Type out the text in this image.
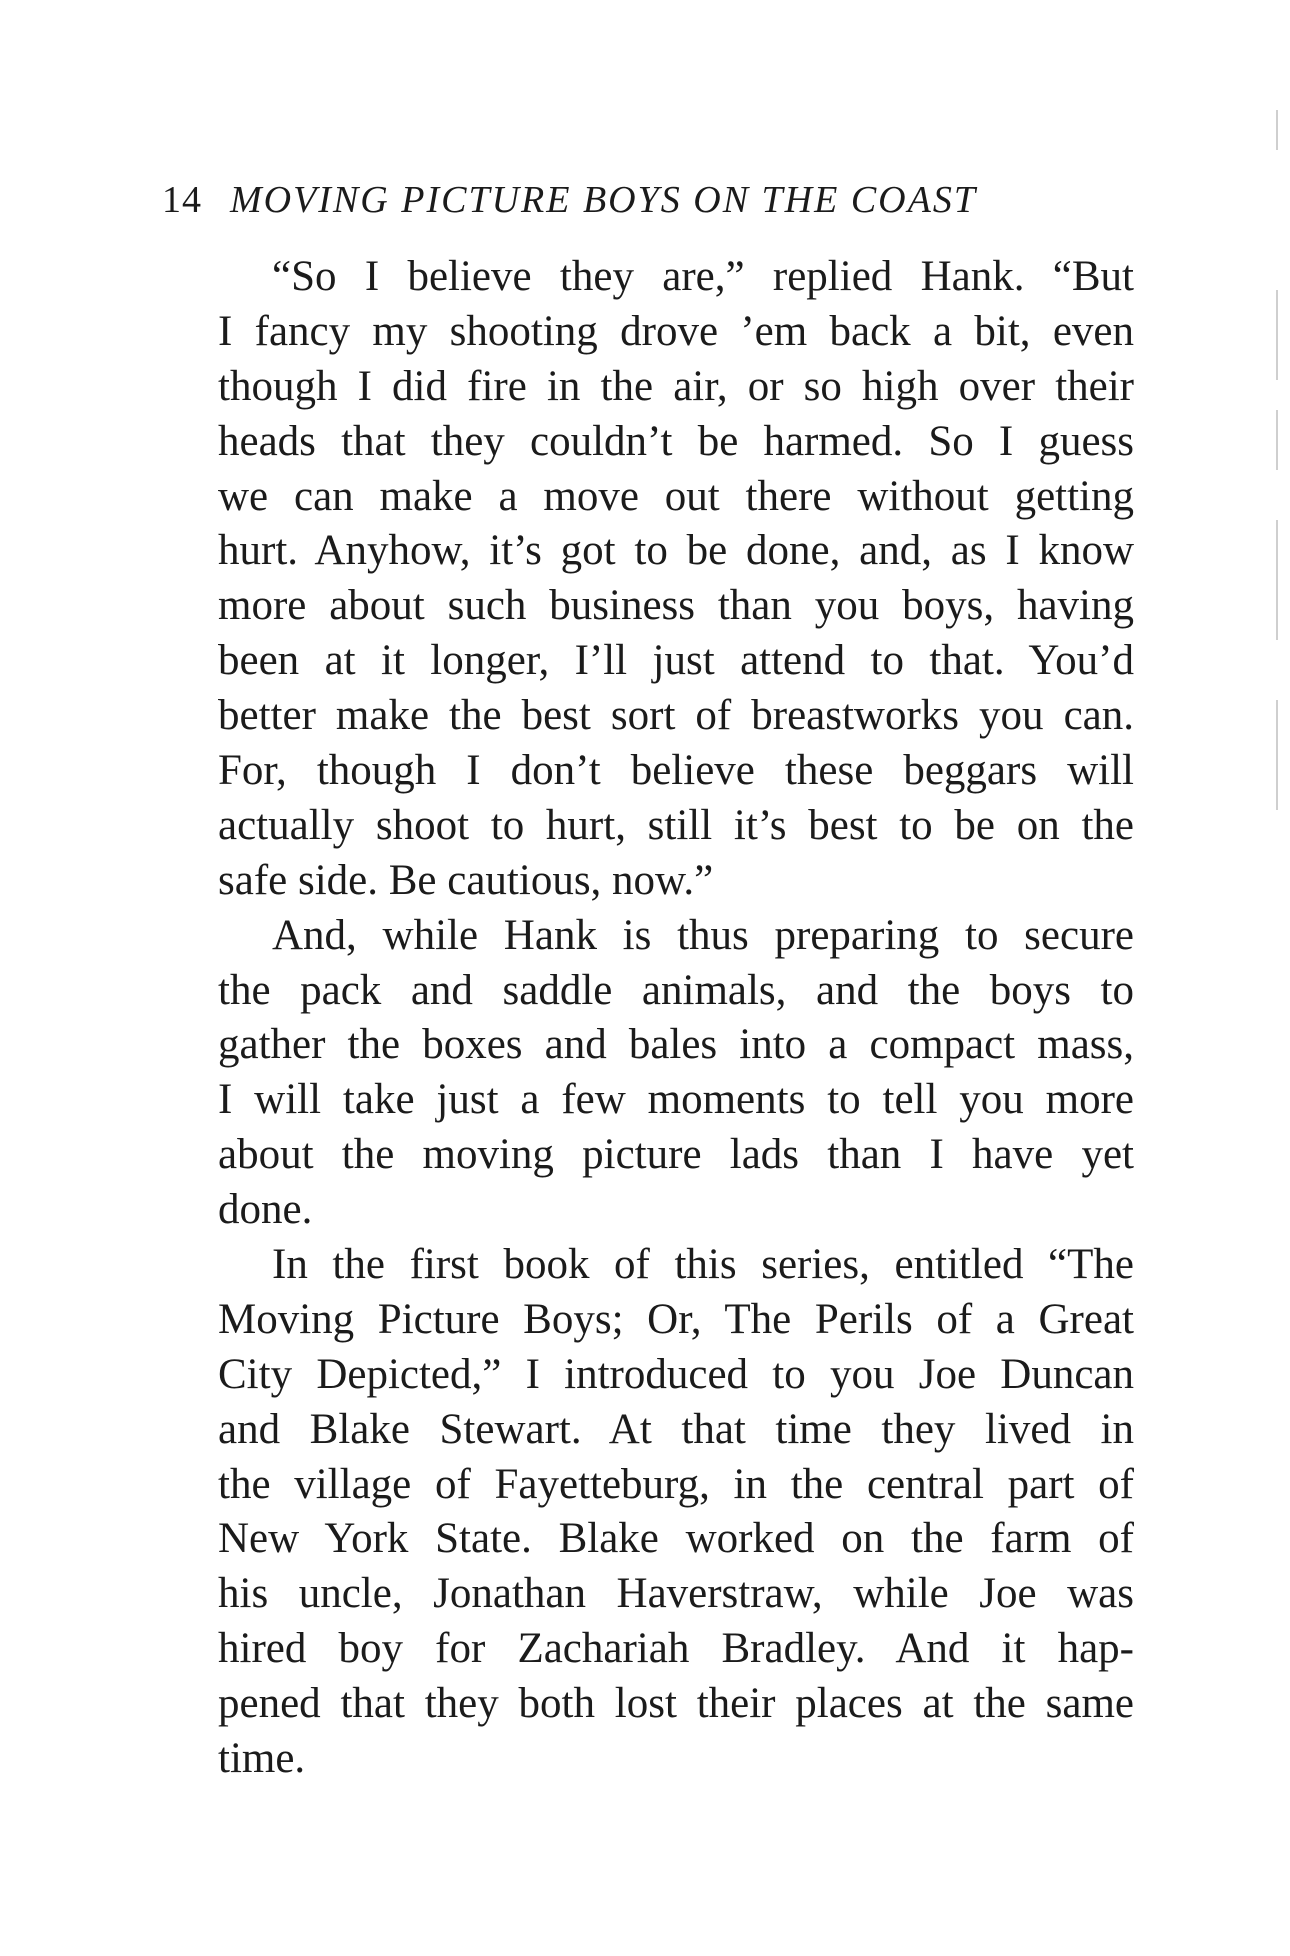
14 MOVING PICTURE BOYS ON THE COAST
“So I believe they are,” replied Hank. “But
I fancy my shooting drove ’em back a bit, even
though I did fire in the air, or so high over their
heads that they couldn’t be harmed. So I guess
we can make a move out there without getting
hurt. Anyhow, it’s got to be done, and, as I know
more about such business than you boys, having
been at it longer, I’ll just attend to that. You’d
better make the best sort of breastworks you can.
For, though I don’t believe these beggars will
actually shoot to hurt, still it’s best to be on the
safe side. Be cautious, now.”
And, while Hank is thus preparing to secure
the pack and saddle animals, and the boys to
gather the boxes and bales into a compact mass,
I will take just a few moments to tell you more
about the moving picture lads than I have yet
done.
In the first book of this series, entitled “The
Moving Picture Boys; Or, The Perils of a Great
City Depicted,” I introduced to you Joe Duncan
and Blake Stewart. At that time they lived in
the village of Fayetteburg, in the central part of
New York State. Blake worked on the farm of
his uncle, Jonathan Haverstraw, while Joe was
hired boy for Zachariah Bradley. And it hap-
pened that they both lost their places at the same
time.
